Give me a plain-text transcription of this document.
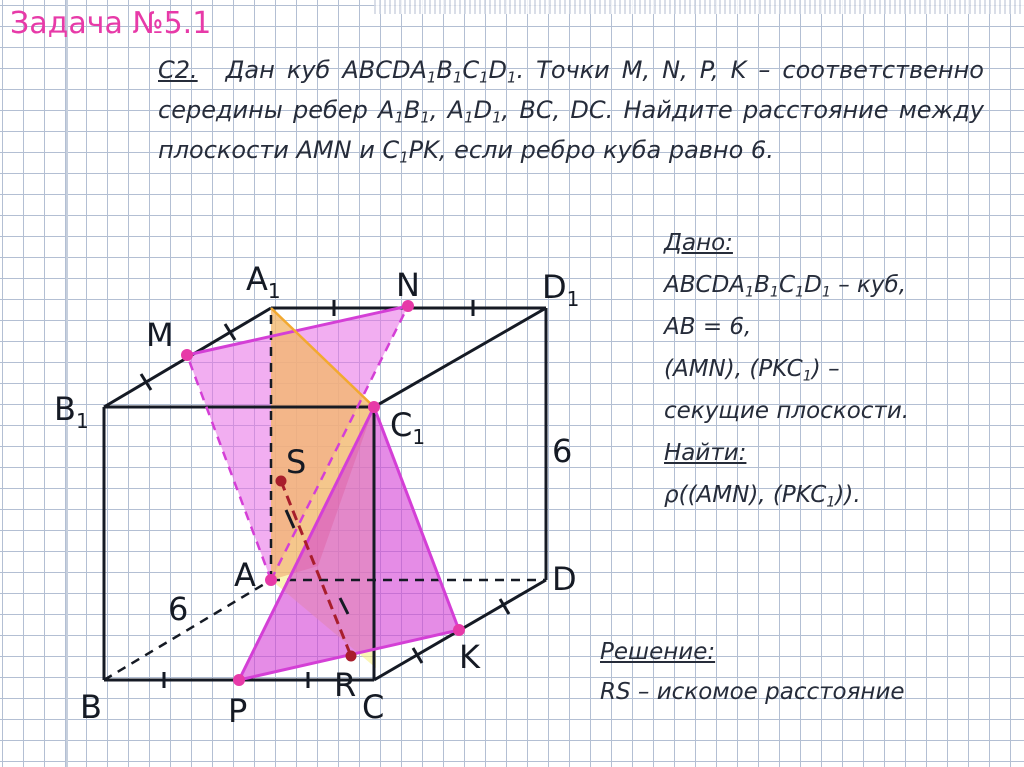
Задача №5.1
С2. Дан куб $ABCDA_1B_1C_1D_1$. Точки M, N, P, K – соответственно середины ребер $A_1B_1$, $A_1D_1$, BC, DC. Найдите расстояние между плоскости AMN и $C_1PK$, если ребро куба равно 6.
$A_1$	N	$D_1$
M
$B_1$	$C_1$
S
A	D
K
R
B	P	C
6
6
Дано:
$ABCDA_1B_1C_1D_1$ – куб,
AB = 6,
(AMN), $(PKC_1)$ –
секущие плоскости.
Найти:
ρ((AMN), $(PKC_1)$).
Решение:
RS – искомое расстояние
